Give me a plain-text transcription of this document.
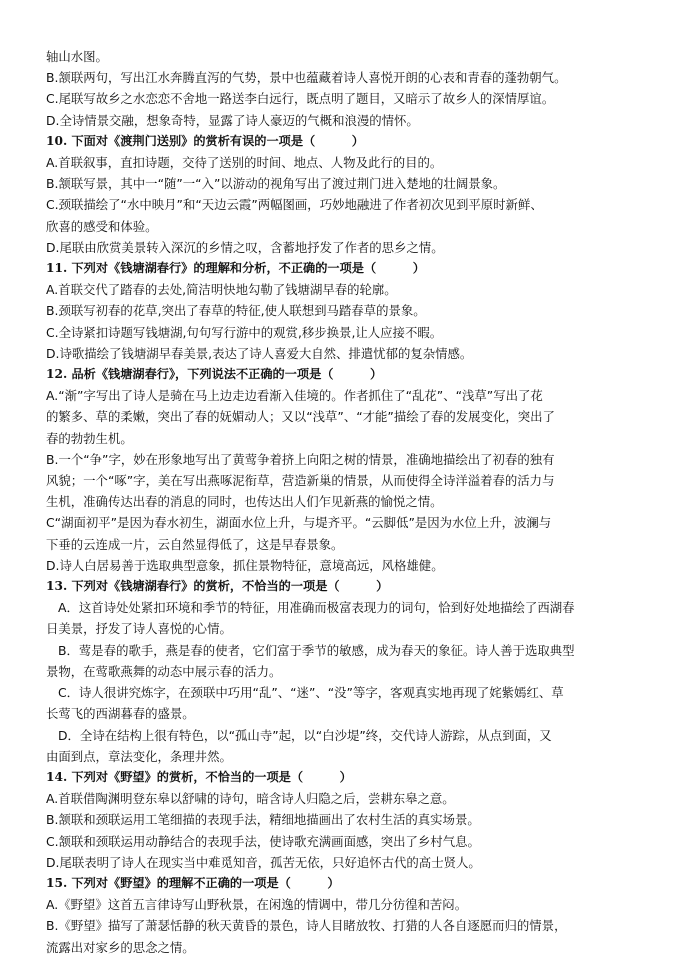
轴山水图。
B.颔联两句，写出江水奔腾直泻的气势，景中也蕴藏着诗人喜悦开朗的心表和青春的蓬勃朝气。
C.尾联写故乡之水恋恋不舍地一路送李白远行，既点明了题目，又暗示了故乡人的深情厚谊。
D.全诗情景交融，想象奇特，显露了诗人豪迈的气概和浪漫的情怀。
10. 下面对《渡荆门送别》的赏析有误的一项是（　　　）
A.首联叙事，直扣诗题，交待了送别的时间、地点、人物及此行的目的。
B.颔联写景，其中一“随”一“入”以游动的视角写出了渡过荆门进入楚地的壮阔景象。
C.颈联描绘了“水中映月”和“天边云霞”两幅图画，巧妙地融进了作者初次见到平原时新鲜、
欣喜的感受和体验。
D.尾联由欣赏美景转入深沉的乡情之叹，含蓄地抒发了作者的思乡之情。
11. 下列对《钱塘湖春行》的理解和分析，不正确的一项是（　　　）
A.首联交代了踏春的去处,简洁明快地勾勒了钱塘湖早春的轮廓。
B.颈联写初春的花草,突出了春草的特征,使人联想到马踏春草的景象。
C.全诗紧扣诗题写钱塘湖,句句写行游中的观赏,移步换景,让人应接不暇。
D.诗歌描绘了钱塘湖早春美景,表达了诗人喜爱大自然、排遣忧郁的复杂情感。
12. 品析《钱塘湖春行》，下列说法不正确的一项是（　　　）
A.“渐”字写出了诗人是骑在马上边走边看渐入佳境的。作者抓住了“乱花”、“浅草”写出了花
的繁多、草的柔嫩，突出了春的妩媚动人；又以“浅草”、“才能”描绘了春的发展变化，突出了
春的勃勃生机。
B.一个“争”字，妙在形象地写出了黄莺争着挤上向阳之树的情景，准确地描绘出了初春的独有
风貌；一个“啄”字，美在写出燕啄泥衔草，营造新巢的情景，从而使得全诗洋溢着春的活力与
生机，准确传达出春的消息的同时，也传达出人们乍见新燕的愉悦之情。
C“湖面初平”是因为春水初生，湖面水位上升，与堤齐平。“云脚低”是因为水位上升，波澜与
下垂的云连成一片，云自然显得低了，这是早春景象。
D.诗人白居易善于选取典型意象，抓住景物特征，意境高远，风格雄健。
13. 下列对《钱塘湖春行》的赏析，不恰当的一项是（　　　）
A．这首诗处处紧扣环境和季节的特征，用准确而极富表现力的词句，恰到好处地描绘了西湖春
日美景，抒发了诗人喜悦的心情。
B．莺是春的歌手，燕是春的使者，它们富于季节的敏感，成为春天的象征。诗人善于选取典型
景物，在莺歌燕舞的动态中展示春的活力。
C．诗人很讲究炼字，在颈联中巧用“乱”、“迷”、“没”等字，客观真实地再现了姹紫嫣红、草
长莺飞的西湖暮春的盛景。
D．全诗在结构上很有特色，以“孤山寺”起，以“白沙堤”终，交代诗人游踪，从点到面，又
由面到点，章法变化，条理井然。
14. 下列对《野望》的赏析，不恰当的一项是（　　　）
A.首联借陶渊明登东皋以舒啸的诗句，暗含诗人归隐之后，尝耕东皋之意。
B.颔联和颈联运用工笔细描的表现手法，精细地描画出了农村生活的真实场景。
C.颔联和颈联运用动静结合的表现手法，使诗歌充满画面感，突出了乡村气息。
D.尾联表明了诗人在现实当中难觅知音，孤苦无依，只好追怀古代的高士贤人。
15. 下列对《野望》的理解不正确的一项是（　　　）
A.《野望》这首五言律诗写山野秋景，在闲逸的情调中，带几分彷徨和苦闷。
B.《野望》描写了萧瑟恬静的秋天黄昏的景色，诗人目睹放牧、打猎的人各自逐愿而归的情景，
流露出对家乡的思念之情。
